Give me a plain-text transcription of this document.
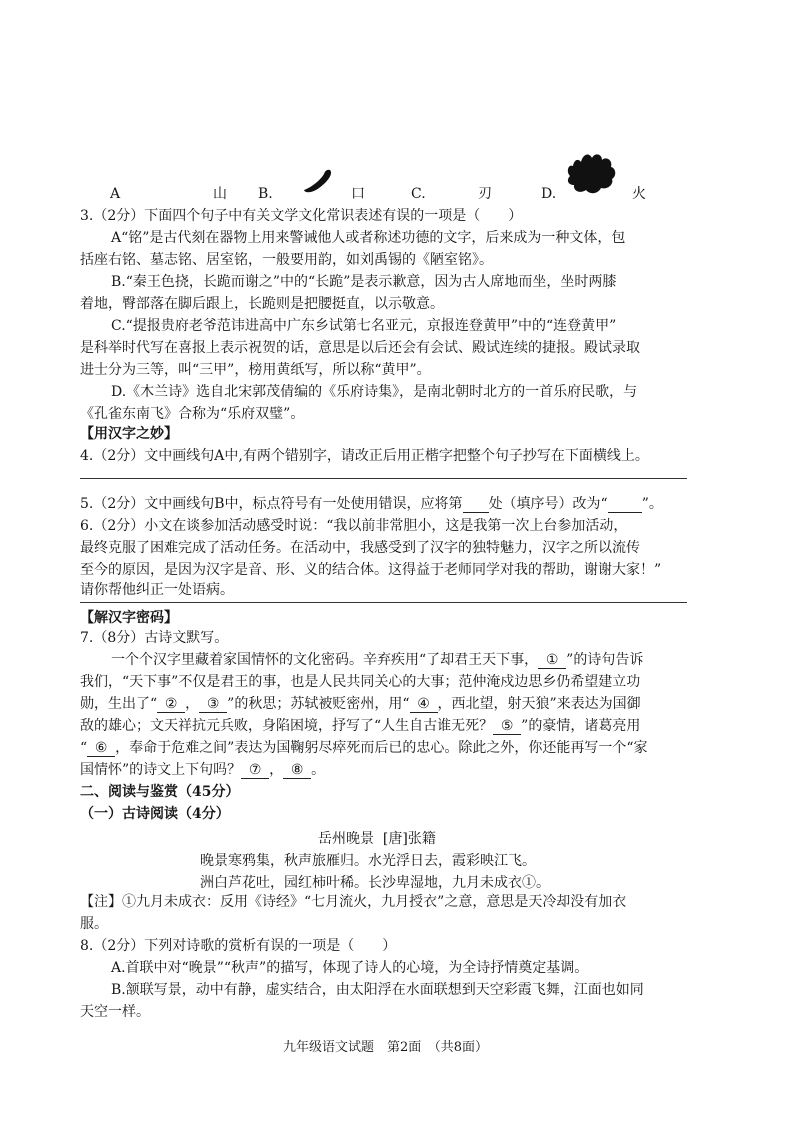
A	山 B.	口	C.	刃	D.	火
3.（2分）下面四个句子中有关文学文化常识表述有误的一项是（　　）
A“铭”是古代刻在器物上用来警诫他人或者称述功德的文字，后来成为一种文体，包
括座右铭、墓志铭、居室铭，一般要用韵，如刘禹锡的《陋室铭》。
B.“秦王色挠，长跪而谢之”中的“长跪”是表示歉意，因为古人席地而坐，坐时两膝
着地，臀部落在脚后跟上，长跪则是把腰挺直，以示敬意。
C.“提报贵府老爷范讳进高中广东乡试第七名亚元，京报连登黄甲”中的“连登黄甲”
是科举时代写在喜报上表示祝贺的话，意思是以后还会有会试、殿试连续的捷报。殿试录取
进士分为三等，叫“三甲”，榜用黄纸写，所以称“黄甲”。
D.《木兰诗》选自北宋郭茂倩编的《乐府诗集》，是南北朝时北方的一首乐府民歌，与
《孔雀东南飞》合称为“乐府双璧”。
【用汉字之妙】
4.（2分）文中画线句A中,有两个错别字，请改正后用正楷字把整个句子抄写在下面横线上。
5.（2分）文中画线句B中，标点符号有一处使用错误，应将第 处（填序号）改为“ ”。
6.（2分）小文在谈参加活动感受时说：“我以前非常胆小，这是我第一次上台参加活动，
最终克服了困难完成了活动任务。在活动中，我感受到了汉字的独特魅力，汉字之所以流传
至今的原因，是因为汉字是音、形、义的结合体。这得益于老师同学对我的帮助，谢谢大家！”
请你帮他纠正一处语病。
【解汉字密码】
7.（8分）古诗文默写。
一个个汉字里藏着家国情怀的文化密码。辛弃疾用“了却君王天下事， ① ”的诗句告诉
我们，“天下事”不仅是君王的事，也是人民共同关心的大事；范仲淹戍边思乡仍希望建立功
勋，生出了“ ② ， ③ ”的秋思；苏轼被贬密州，用“ ④ ，西北望，射天狼”来表达为国御
敌的雄心；文天祥抗元兵败，身陷困境，抒写了“人生自古谁无死？ ⑤ ”的豪情，诸葛亮用
“ ⑥ ，奉命于危难之间”表达为国鞠躬尽瘁死而后已的忠心。除此之外，你还能再写一个“家
国情怀”的诗文上下句吗？ ⑦ ， ⑧ 。
二、阅读与鉴赏（45分）
（一）古诗阅读（4分）
岳州晚景 [唐]张籍
晚景寒鸦集，秋声旅雁归。水光浮日去，霞彩映江飞。
洲白芦花吐，园红柿叶稀。长沙卑湿地，九月未成衣①。
【注】①九月未成衣：反用《诗经》“七月流火，九月授衣”之意，意思是天冷却没有加衣
服。
8.（2分）下列对诗歌的赏析有误的一项是（　　）
A.首联中对“晚景”“秋声”的描写，体现了诗人的心境，为全诗抒情奠定基调。
B.颔联写景，动中有静，虚实结合，由太阳浮在水面联想到天空彩霞飞舞，江面也如同
天空一样。
九年级语文试题　第2面　（共8面）
